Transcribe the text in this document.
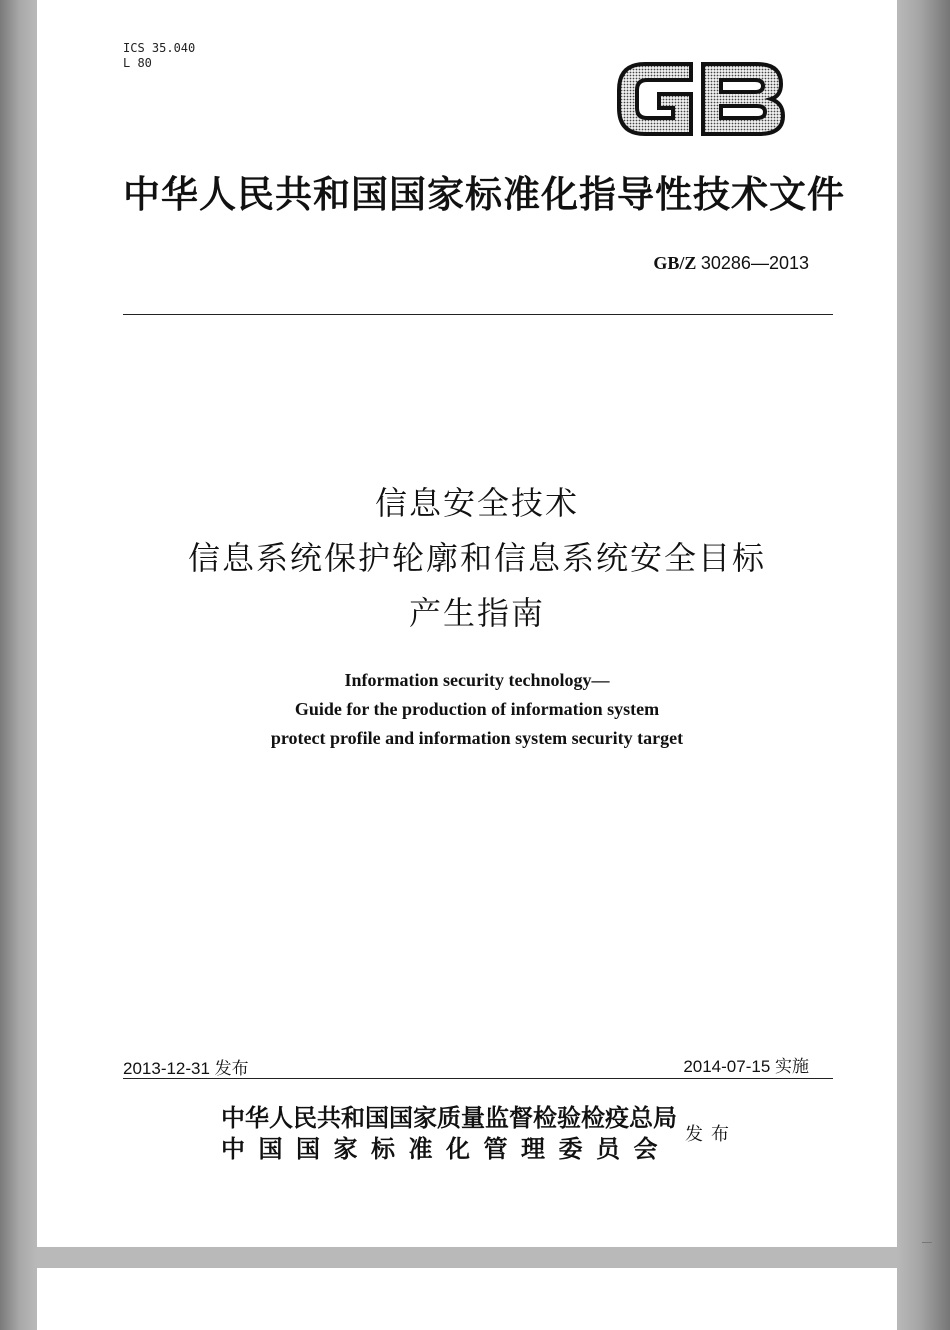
ICS 35.040
L 80
GB
中华人民共和国国家标准化指导性技术文件
GB/Z 30286—2013
信息安全技术
信息系统保护轮廓和信息系统安全目标
产生指南
Information security technology—
Guide for the production of information system
protect profile and information system security target
2013-12-31 发布	2014-07-15 实施
中华人民共和国国家质量监督检验检疫总局
中国国家标准化管理委员会 发布
